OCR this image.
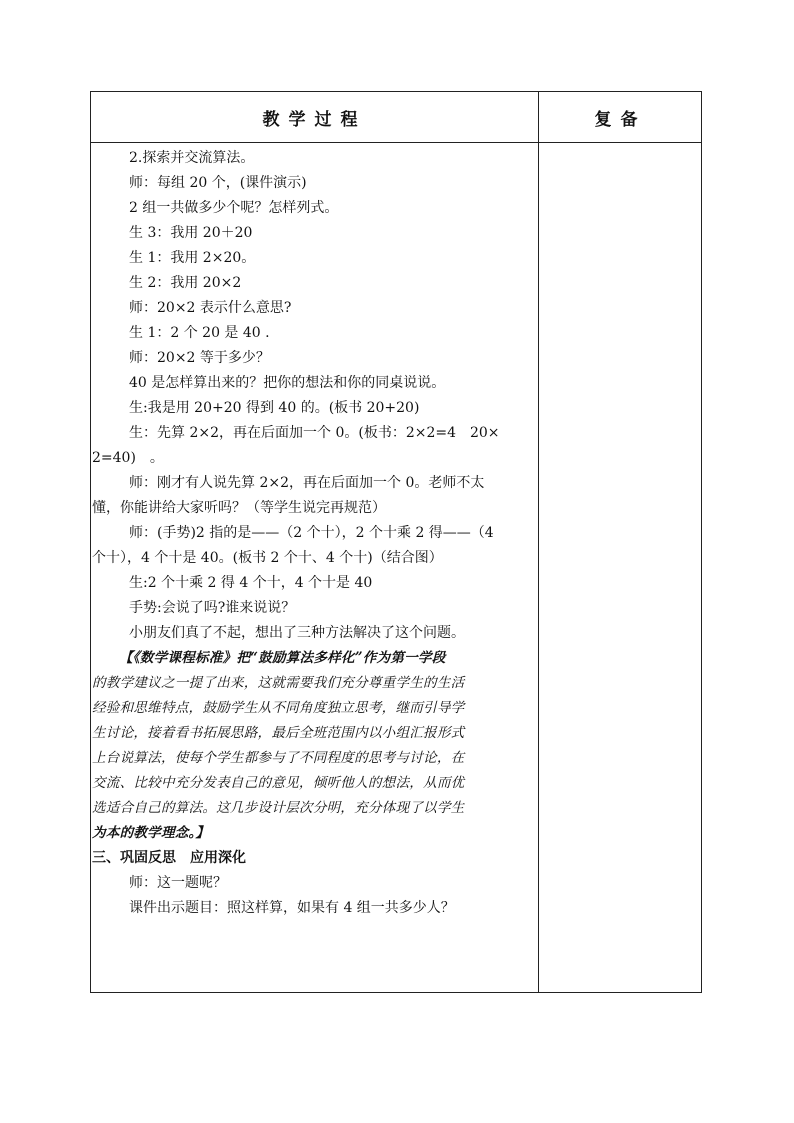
教学过程	复备
2.探索并交流算法。
师：每组 20 个，(课件演示)
2 组一共做多少个呢？怎样列式。
生 3：我用 20＋20
生 1：我用 2×20。
生 2：我用 20×2
师：20×2 表示什么意思?
生 1：2 个 20 是 40 .
师：20×2 等于多少？
40 是怎样算出来的？把你的想法和你的同桌说说。
生:我是用 20+20 得到 40 的。(板书 20+20)
生：先算 2×2，再在后面加一个 0。(板书：2×2=4　20×
2=40)　。
师：刚才有人说先算 2×2，再在后面加一个 0。老师不太
懂，你能讲给大家听吗？（等学生说完再规范）
师：(手势)2 指的是——（2 个十），2 个十乘 2 得——（4
个十），4 个十是 40。(板书 2 个十、4 个十)（结合图）
生:2 个十乘 2 得 4 个十，4 个十是 40
手势:会说了吗?谁来说说？
小朋友们真了不起，想出了三种方法解决了这个问题。
【《数学课程标准》把“鼓励算法多样化”作为第一学段
的教学建议之一提了出来，这就需要我们充分尊重学生的生活
经验和思维特点，鼓励学生从不同角度独立思考，继而引导学
生讨论，接着看书拓展思路，最后全班范围内以小组汇报形式
上台说算法，使每个学生都参与了不同程度的思考与讨论，在
交流、比较中充分发表自己的意见，倾听他人的想法，从而优
选适合自己的算法。这几步设计层次分明，充分体现了以学生
为本的教学理念。】
三、巩固反思　应用深化
师：这一题呢？
课件出示题目：照这样算，如果有 4 组一共多少人？
